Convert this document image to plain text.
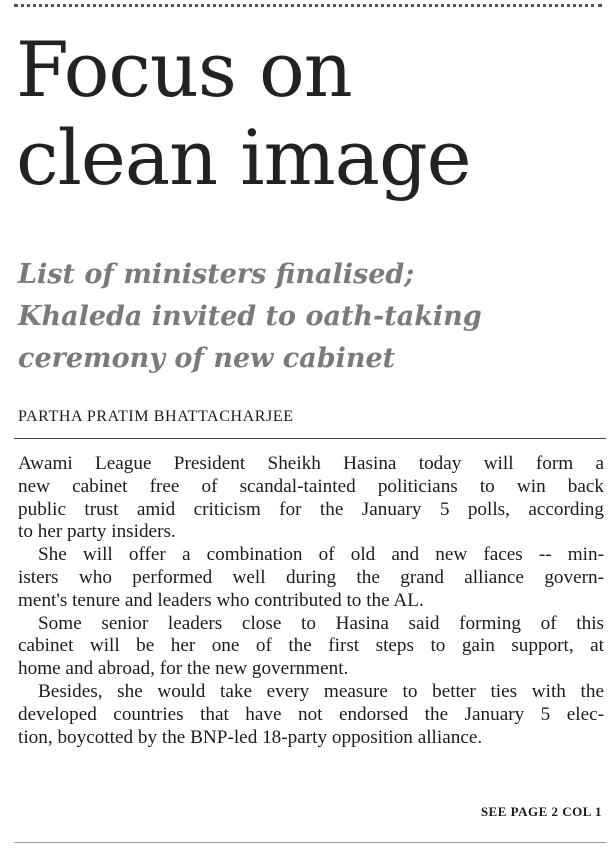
Focus on
clean image
List of ministers finalised;
Khaleda invited to oath-taking
ceremony of new cabinet
PARTHA PRATIM BHATTACHARJEE

Awami League President Sheikh Hasina today will form a
new cabinet free of scandal-tainted politicians to win back
public trust amid criticism for the January 5 polls, according
to her party insiders.

She will offer a combination of old and new faces -- min-
isters who performed well during the grand alliance govern-
ment's tenure and leaders who contributed to the AL.

Some senior leaders close to Hasina said forming of this
cabinet will be her one of the first steps to gain support, at
home and abroad, for the new government.

Besides, she would take every measure to better ties with the
developed countries that have not endorsed the January 5 elec-
tion, boycotted by the BNP-led 18-party opposition alliance.

SEE PAGE 2 COL 1
